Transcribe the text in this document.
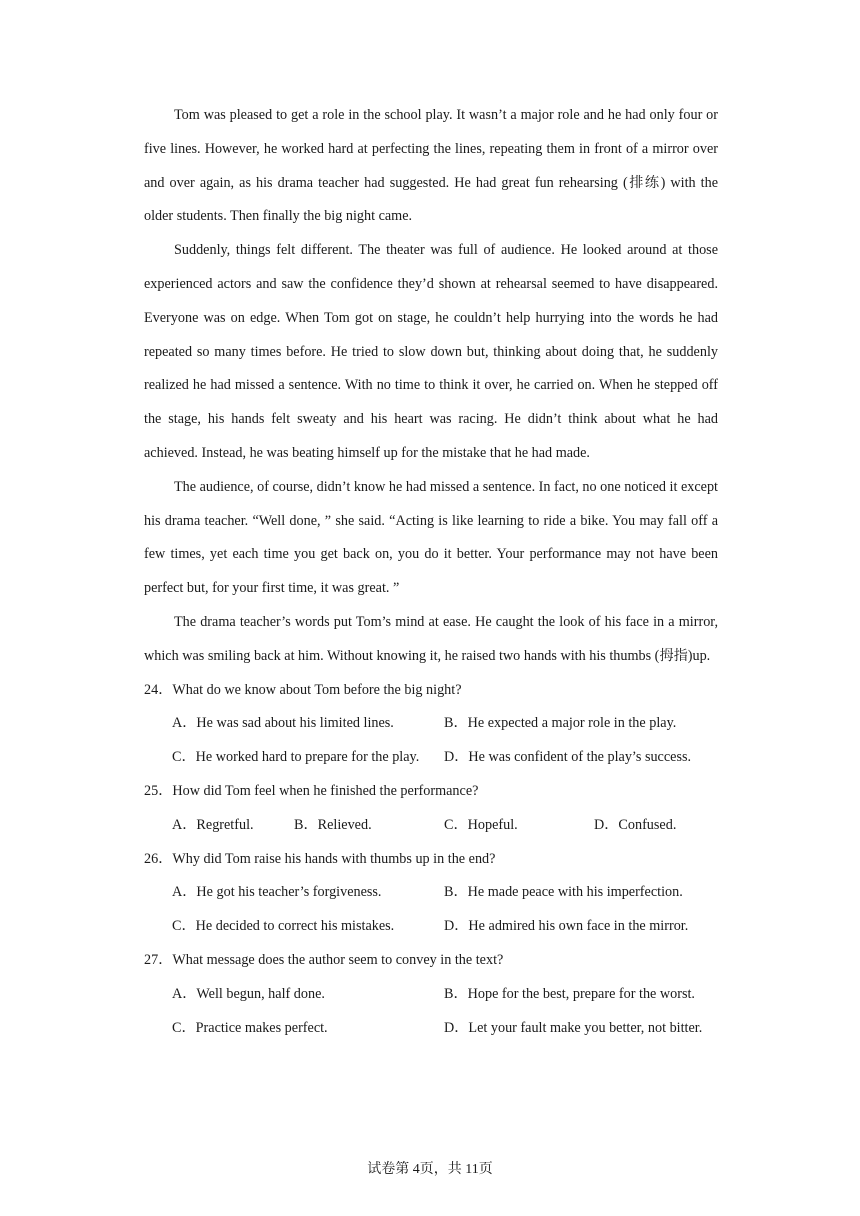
Tom was pleased to get a role in the school play. It wasn’t a major role and he had only four or five lines. However, he worked hard at perfecting the lines, repeating them in front of a mirror over and over again, as his drama teacher had suggested. He had great fun rehearsing (排练) with the older students. Then finally the big night came.

Suddenly, things felt different. The theater was full of audience. He looked around at those experienced actors and saw the confidence they’d shown at rehearsal seemed to have disappeared. Everyone was on edge. When Tom got on stage, he couldn’t help hurrying into the words he had repeated so many times before. He tried to slow down but, thinking about doing that, he suddenly realized he had missed a sentence. With no time to think it over, he carried on. When he stepped off the stage, his hands felt sweaty and his heart was racing. He didn’t think about what he had achieved. Instead, he was beating himself up for the mistake that he had made.

The audience, of course, didn’t know he had missed a sentence. In fact, no one noticed it except his drama teacher. “Well done, ” she said. “Acting is like learning to ride a bike. You may fall off a few times, yet each time you get back on, you do it better. Your performance may not have been perfect but, for your first time, it was great. ”

The drama teacher’s words put Tom’s mind at ease. He caught the look of his face in a mirror, which was smiling back at him. Without knowing it, he raised two hands with his thumbs (拇指)up.

24．What do we know about Tom before the big night?

A．He was sad about his limited lines.	B．He expected a major role in the play.
C．He worked hard to prepare for the play.	D．He was confident of the play’s success.

25．How did Tom feel when he finished the performance?

A．Regretful.	B．Relieved.	C．Hopeful.	D．Confused.

26．Why did Tom raise his hands with thumbs up in the end?

A．He got his teacher’s forgiveness.	B．He made peace with his imperfection.
C．He decided to correct his mistakes.	D．He admired his own face in the mirror.

27．What message does the author seem to convey in the text?

A．Well begun, half done.	B．Hope for the best, prepare for the worst.
C．Practice makes perfect.	D．Let your fault make you better, not bitter.
试卷第 4页，共 11页
